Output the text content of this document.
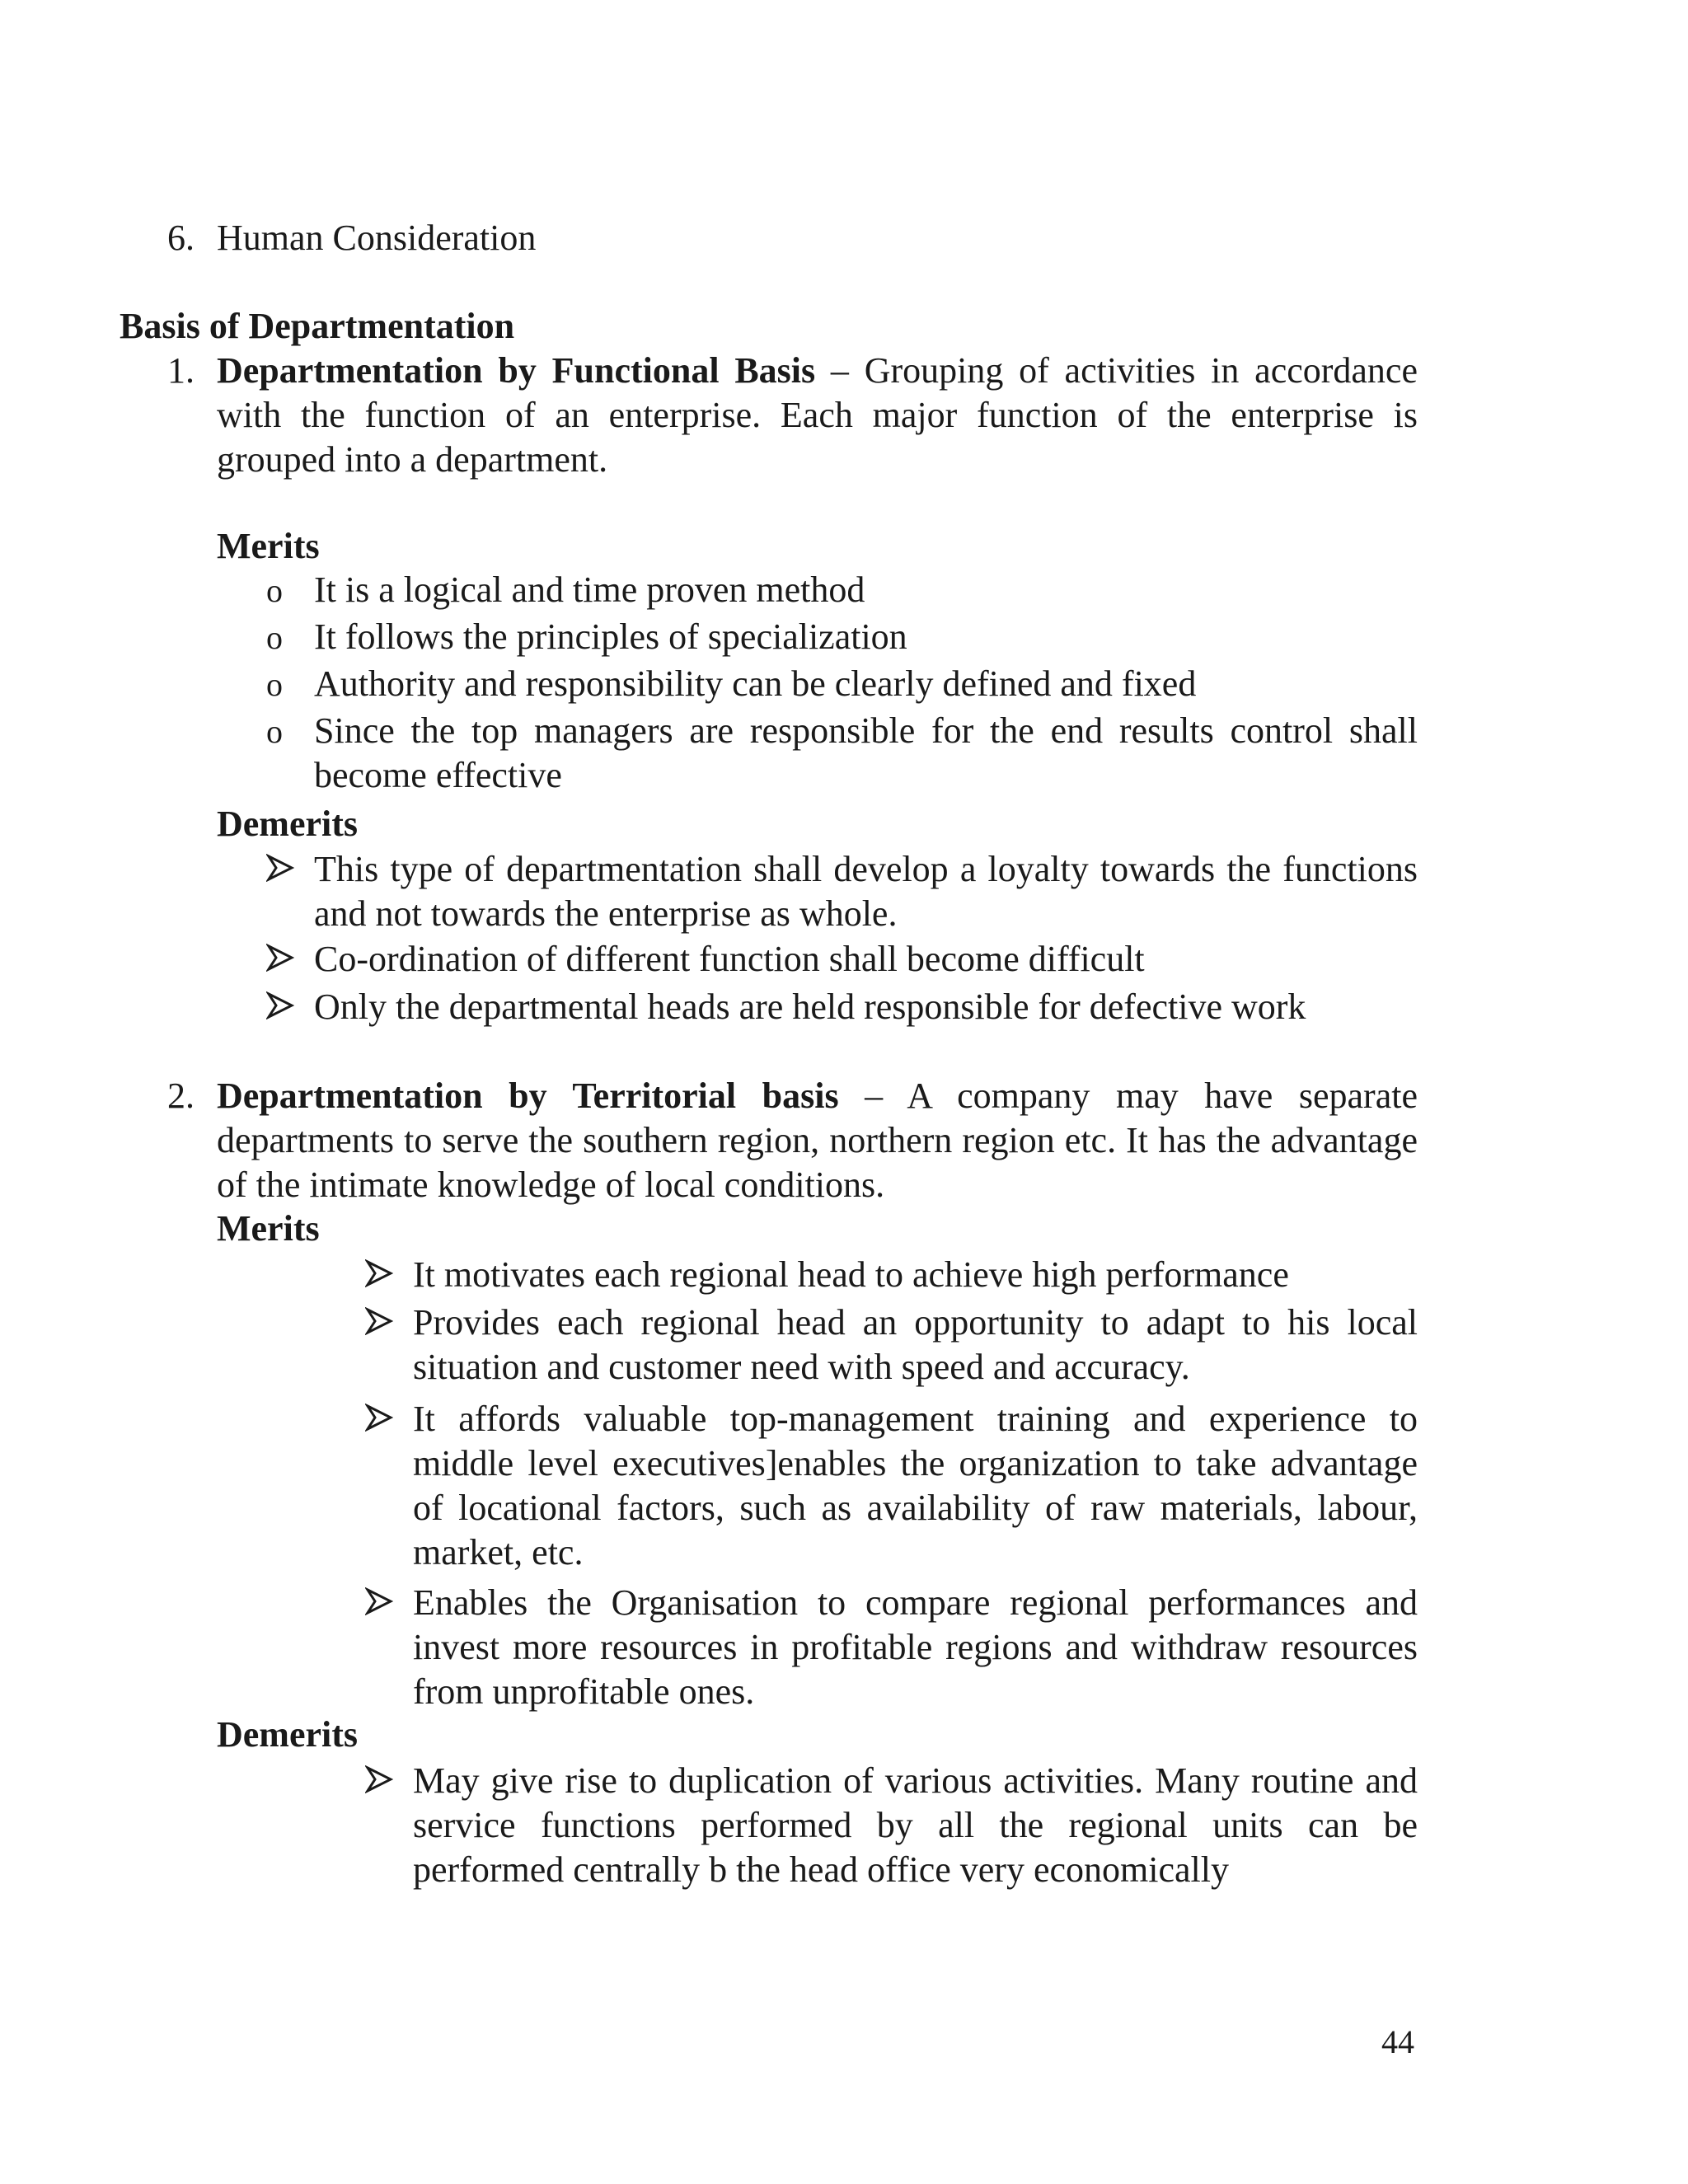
6. Human Consideration
Basis of Departmentation
1. Departmentation by Functional Basis – Grouping of activities in accordance with the function of an enterprise. Each major function of the enterprise is grouped into a department.
Merits
o It is a logical and time proven method
o It follows the principles of specialization
o Authority and responsibility can be clearly defined and fixed
o Since the top managers are responsible for the end results control shall become effective
Demerits
This type of departmentation shall develop a loyalty towards the functions and not towards the enterprise as whole.
Co-ordination of different function shall become difficult
Only the departmental heads are held responsible for defective work
2. Departmentation by Territorial basis – A company may have separate departments to serve the southern region, northern region etc. It has the advantage of the intimate knowledge of local conditions.
Merits
It motivates each regional head to achieve high performance
Provides each regional head an opportunity to adapt to his local situation and customer need with speed and accuracy.
It affords valuable top-management training and experience to middle level executives]enables the organization to take advantage of locational factors, such as availability of raw materials, labour, market, etc.
Enables the Organisation to compare regional performances and invest more resources in profitable regions and withdraw resources from unprofitable ones.
Demerits
May give rise to duplication of various activities. Many routine and service functions performed by all the regional units can be performed centrally b the head office very economically
44
